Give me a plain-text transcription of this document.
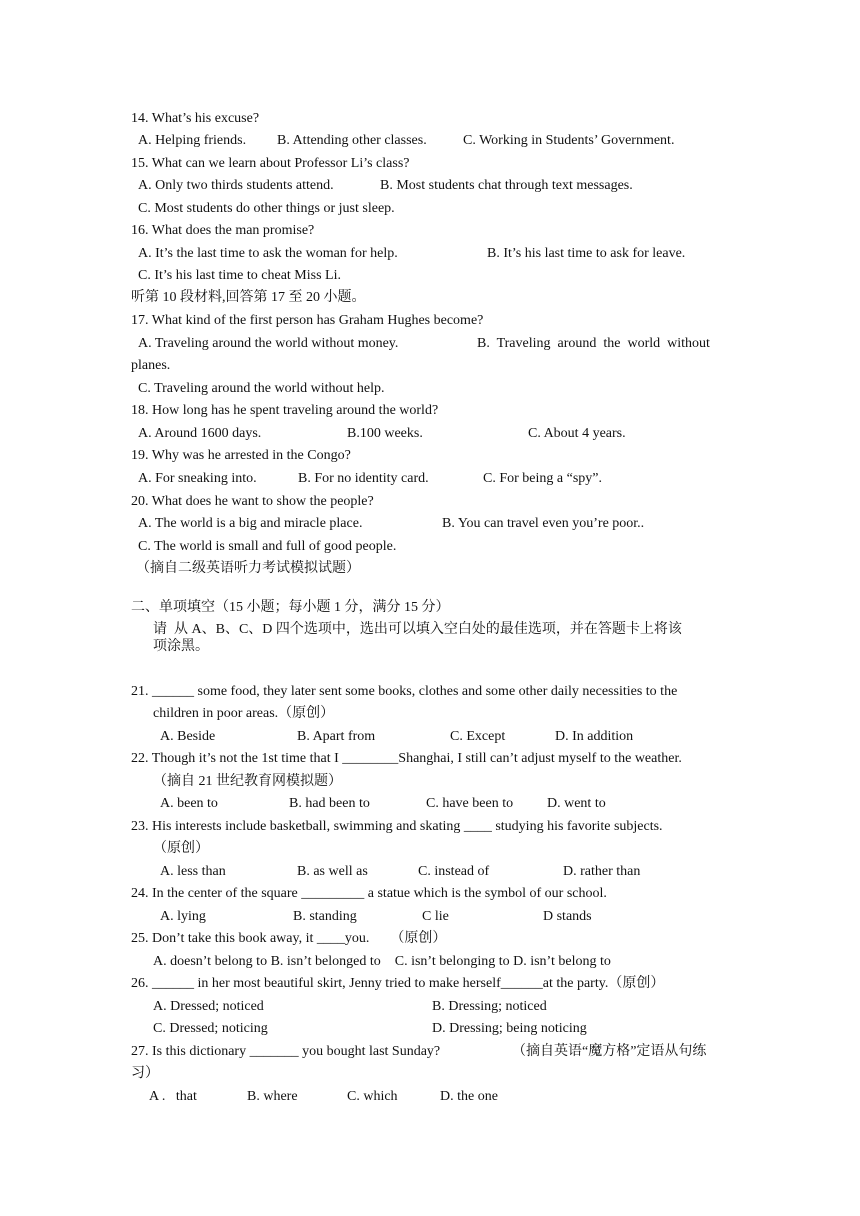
14. What’s his excuse?
A. Helping friends. B. Attending other classes.	C. Working in Students’ Government.
15. What can we learn about Professor Li’s class?
A. Only two thirds students attend.	B. Most students chat through text messages.
C. Most students do other things or just sleep.
16. What does the man promise?
A. It’s the last time to ask the woman for help.	B. It’s his last time to ask for leave.
C. It’s his last time to cheat Miss Li.
听第 10 段材料,回答第 17 至 20 小题。
17. What kind of the first person has Graham Hughes become?
A. Traveling around the world without money.	B.  Traveling  around  the  world  without
planes.
C. Traveling around the world without help.
18. How long has he spent traveling around the world?
A. Around 1600 days.	B.100 weeks.	C. About 4 years.
19. Why was he arrested in the Congo?
A. For sneaking into.	B. For no identity card.	C. For being a “spy”.
20. What does he want to show the people?
A. The world is a big and miracle place.	B. You can travel even you’re poor..
C. The world is small and full of good people.
（摘自二级英语听力考试模拟试题）
二、单项填空（15 小题；每小题 1 分，满分 15 分）
请  从 A、B、C、D 四个选项中，选出可以填入空白处的最佳选项，并在答题卡上将该
项涂黑。
21. ______ some food, they later sent some books, clothes and some other daily necessities to the
children in poor areas.（原创）
A. Beside	B. Apart from	C. Except	D. In addition
22. Though it’s not the 1st time that I ________Shanghai, I still can’t adjust myself to the weather.
（摘自 21 世纪教育网模拟题）
A. been to	B. had been to	C. have been to D. went to
23. His interests include basketball, swimming and skating ____ studying his favorite subjects.
（原创）
A. less than	B. as well as	C. instead of	D. rather than
24. In the center of the square _________ a statue which is the symbol of our school.
A. lying	B. standing	C lie	D stands
25. Don’t take this book away, it ____you.      （原创）
A. doesn’t belong to B. isn’t belonged to    C. isn’t belonging to D. isn’t belong to
26. ______ in her most beautiful skirt, Jenny tried to make herself______at the party.（原创）
A. Dressed; noticed	B. Dressing; noticed
C. Dressed; noticing	D. Dressing; being noticing
27. Is this dictionary _______ you bought last Sunday?	（摘自英语“魔方格”定语从句练
习）
A .   that	B. where	C. which	D. the one
